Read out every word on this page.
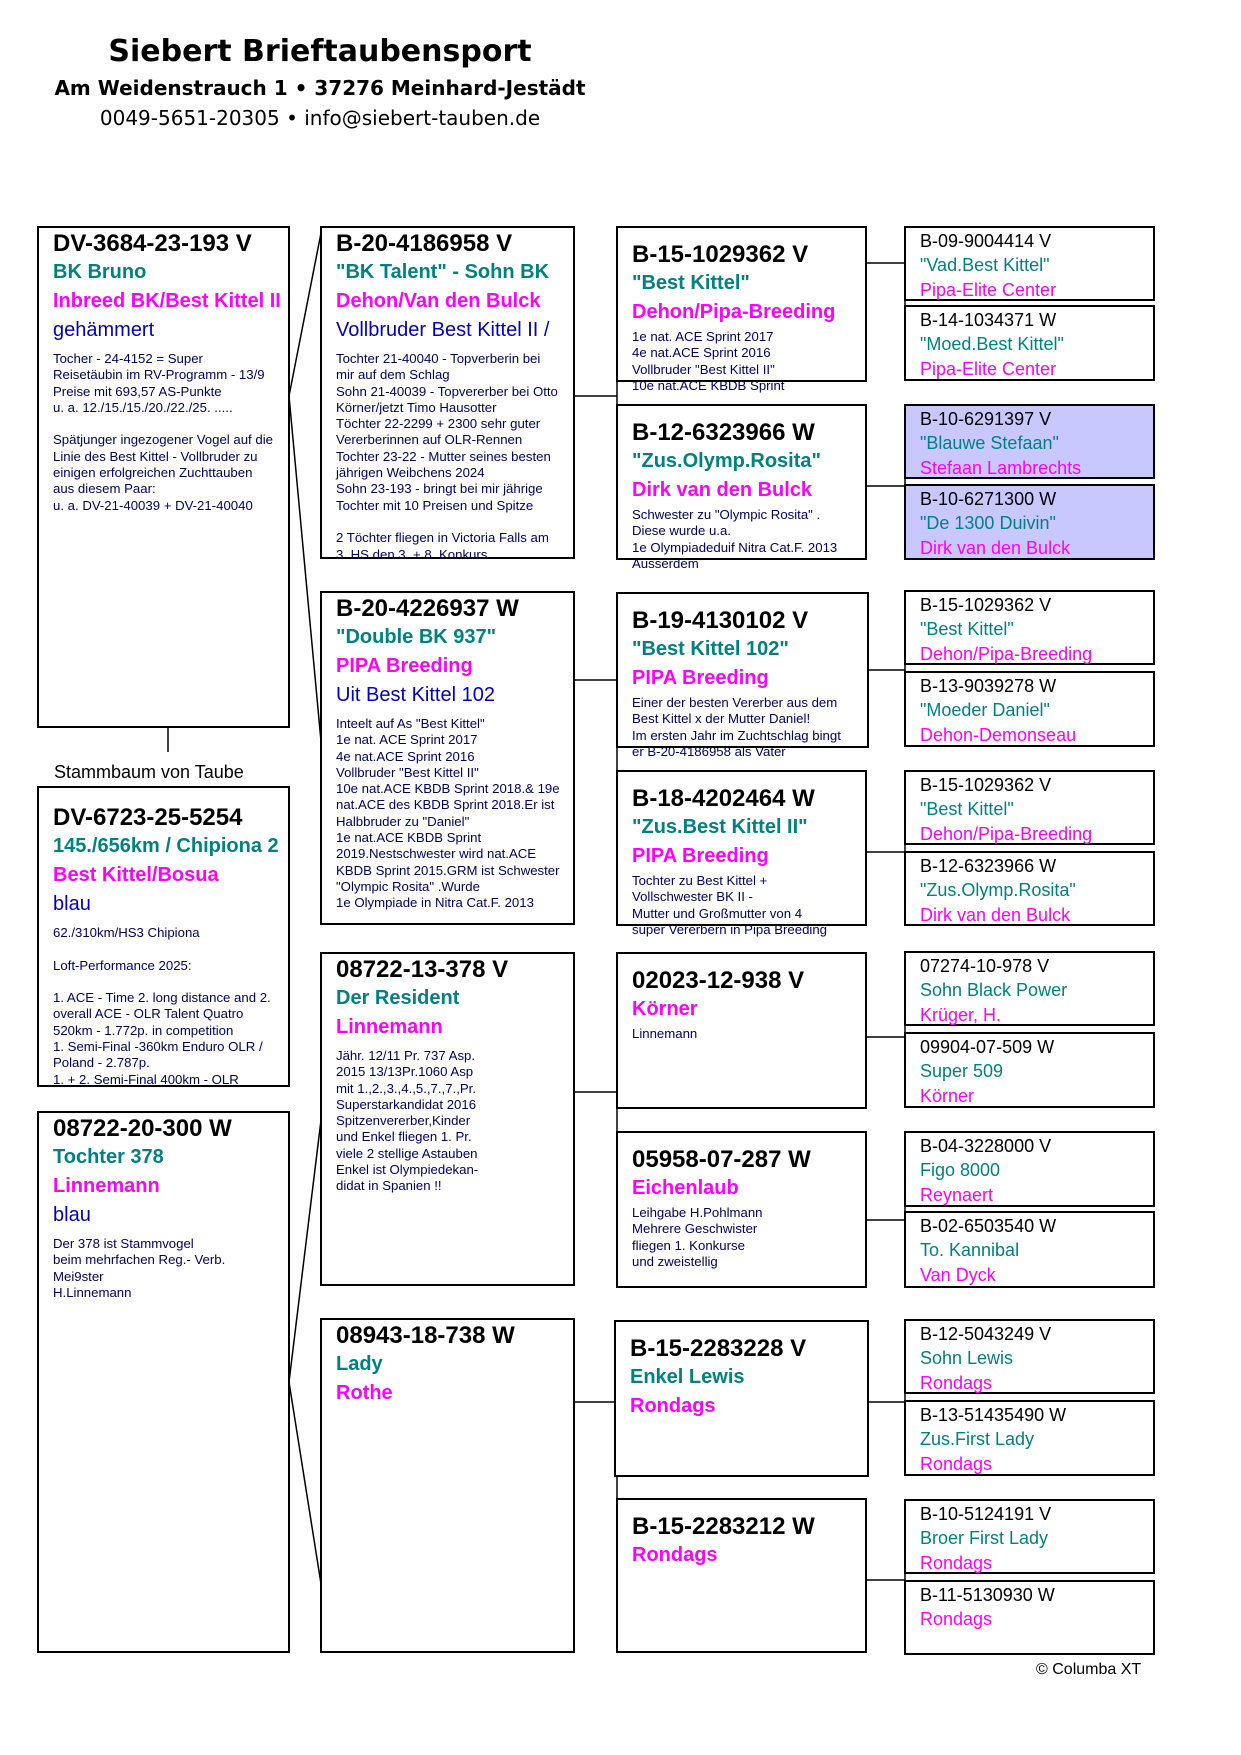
Siebert Brieftaubensport
Am Weidenstrauch 1 • 37276 Meinhard-Jestädt
0049-5651-20305 • info@siebert-tauben.de
DV-3684-23-193 V
BK Bruno
Inbreed BK/Best Kittel II
gehämmert
Tocher - 24-4152 = Super Reisetäubin im RV-Programm - 13/9 Preise mit 693,57 AS-Punkte
u. a. 12./15./15./20./22./25. .....

Spätjunger ingezogener Vogel auf die Linie des Best Kittel - Vollbruder zu einigen erfolgreichen Zuchttauben aus diesem Paar:
u. a. DV-21-40039 + DV-21-40040
Stammbaum von Taube
DV-6723-25-5254
145./656km / Chipiona 2
Best Kittel/Bosua
blau
62./310km/HS3 Chipiona

Loft-Performance 2025:

1. ACE - Time 2. long distance and 2. overall ACE - OLR Talent Quatro 520km - 1.772p. in competition
1. Semi-Final -360km Enduro OLR / Poland - 2.787p.
1. + 2. Semi-Final 400km - OLR
08722-20-300 W
Tochter 378
Linnemann
blau
Der 378 ist Stammvogel
beim mehrfachen Reg.- Verb.
Mei9ster
H.Linnemann
B-20-4186958 V
"BK Talent" - Sohn BK
Dehon/Van den Bulck
Vollbruder Best Kittel II /
Tochter 21-40040 - Topverberin bei mir auf dem Schlag
Sohn 21-40039 - Topvererber bei Otto Körner/jetzt Timo Hausotter
Töchter 22-2299 + 2300 sehr guter Vererberinnen auf OLR-Rennen
Tochter 23-22 - Mutter seines besten jährigen Weibchens 2024
Sohn 23-193 - bringt bei mir jährige Tochter mit 10 Preisen und Spitze

2 Töchter fliegen in Victoria Falls am 3. HS den 3. + 8. Konkurs
B-20-4226937 W
"Double BK 937"
PIPA Breeding
Uit Best Kittel 102
Inteelt auf As "Best Kittel"
1e nat. ACE Sprint 2017
4e nat.ACE Sprint 2016
Vollbruder "Best Kittel II"
10e nat.ACE KBDB Sprint 2018.& 19e nat.ACE des KBDB Sprint 2018.Er ist Halbbruder zu "Daniel"
1e nat.ACE KBDB Sprint 2019.Nestschwester wird nat.ACE KBDB Sprint 2015.GRM ist Schwester
"Olympic Rosita" .Wurde
1e Olympiade in Nitra Cat.F. 2013
08722-13-378 V
Der Resident
Linnemann
Jähr. 12/11 Pr. 737 Asp.
2015 13/13Pr.1060 Asp
mit 1.,2.,3.,4.,5.,7.,7.,Pr.
Superstarkandidat 2016
Spitzenvererber,Kinder
und Enkel fliegen 1. Pr.
viele 2 stellige Astauben
Enkel ist Olympiedekan-
didat in Spanien !!
08943-18-738 W
Lady
Rothe
B-15-1029362 V
"Best Kittel"
Dehon/Pipa-Breeding
1e nat. ACE Sprint 2017
4e nat.ACE Sprint 2016
Vollbruder "Best Kittel II"
10e nat.ACE KBDB Sprint
B-12-6323966 W
"Zus.Olymp.Rosita"
Dirk van den Bulck
Schwester zu "Olympic Rosita" .
Diese wurde u.a.
1e Olympiadeduif Nitra Cat.F. 2013
Ausserdem
B-19-4130102 V
"Best Kittel 102"
PIPA Breeding
Einer der besten Vererber aus dem Best Kittel x der Mutter Daniel!
Im ersten Jahr im Zuchtschlag bingt
er B-20-4186958 als Vater
B-18-4202464 W
"Zus.Best Kittel II"
PIPA Breeding
Tochter zu Best Kittel +
Vollschwester BK II -
Mutter und Großmutter von 4
super Vererbern in Pipa Breeding
02023-12-938 V
Körner
Linnemann
05958-07-287 W
Eichenlaub
Leihgabe H.Pohlmann
Mehrere Geschwister
fliegen 1. Konkurse
und zweistellig
B-15-2283228 V
Enkel Lewis
Rondags
B-15-2283212 W
Rondags
B-09-9004414 V
"Vad.Best Kittel"
Pipa-Elite Center
B-14-1034371 W
"Moed.Best Kittel"
Pipa-Elite Center
B-10-6291397 V
"Blauwe Stefaan"
Stefaan Lambrechts
B-10-6271300 W
"De 1300 Duivin"
Dirk van den Bulck
B-15-1029362 V
"Best Kittel"
Dehon/Pipa-Breeding
B-13-9039278 W
"Moeder Daniel"
Dehon-Demonseau
B-15-1029362 V
"Best Kittel"
Dehon/Pipa-Breeding
B-12-6323966 W
"Zus.Olymp.Rosita"
Dirk van den Bulck
07274-10-978 V
Sohn Black Power
Krüger, H.
09904-07-509 W
Super 509
Körner
B-04-3228000 V
Figo 8000
Reynaert
B-02-6503540 W
To. Kannibal
Van Dyck
B-12-5043249 V
Sohn Lewis
Rondags
B-13-51435490 W
Zus.First Lady
Rondags
B-10-5124191 V
Broer First Lady
Rondags
B-11-5130930 W
Rondags
© Columba XT
